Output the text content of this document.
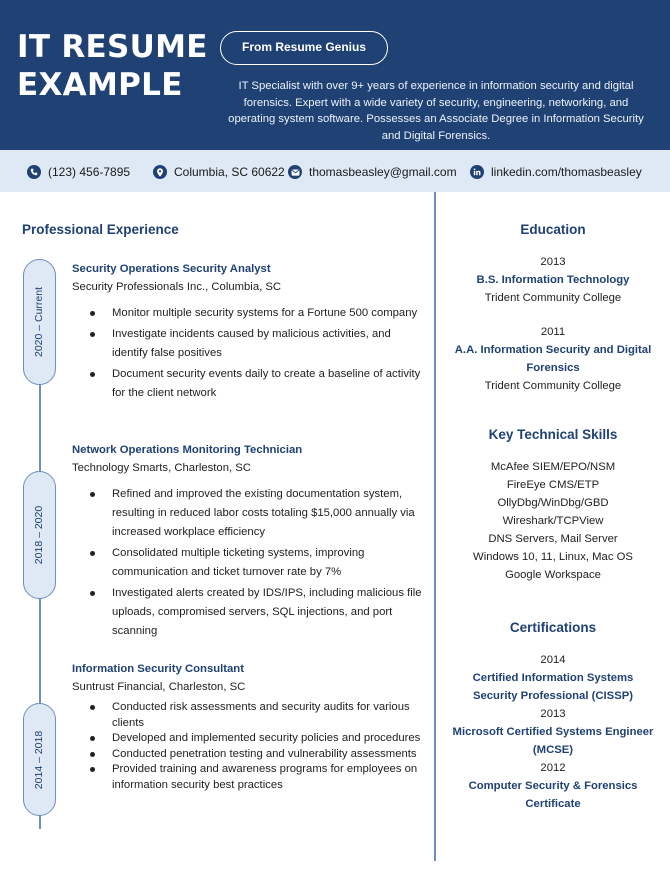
IT RESUME
EXAMPLE
From Resume Genius
IT Specialist with over 9+ years of experience in information security and digital forensics. Expert with a wide variety of security, engineering, networking, and operating system software. Possesses an Associate Degree in Information Security and Digital Forensics.
(123) 456-7895	Columbia, SC 60622 thomasbeasley@gmail.com	linkedin.com/thomasbeasley
Professional Experience
2020 – Current
2018 – 2020
2014 – 2018
Security Operations Security Analyst
Security Professionals Inc., Columbia, SC
Monitor multiple security systems for a Fortune 500 company
Investigate incidents caused by malicious activities, and identify false positives
Document security events daily to create a baseline of activity for the client network
Network Operations Monitoring Technician
Technology Smarts, Charleston, SC
Refined and improved the existing documentation system, resulting in reduced labor costs totaling $15,000 annually via increased workplace efficiency
Consolidated multiple ticketing systems, improving communication and ticket turnover rate by 7%
Investigated alerts created by IDS/IPS, including malicious file uploads, compromised servers, SQL injections, and port scanning
Information Security Consultant
Suntrust Financial, Charleston, SC
Conducted risk assessments and security audits for various clients
Developed and implemented security policies and procedures
Conducted penetration testing and vulnerability assessments
Provided training and awareness programs for employees on information security best practices
Education
2013
B.S. Information Technology
Trident Community College
2011
A.A. Information Security and Digital Forensics
Trident Community College
Key Technical Skills
McAfee SIEM/EPO/NSM
FireEye CMS/ETP
OllyDbg/WinDbg/GBD
Wireshark/TCPView
DNS Servers, Mail Server
Windows 10, 11, Linux, Mac OS
Google Workspace
Certifications
2014
Certified Information Systems Security Professional (CISSP)
2013
Microsoft Certified Systems Engineer (MCSE)
2012
Computer Security & Forensics Certificate
